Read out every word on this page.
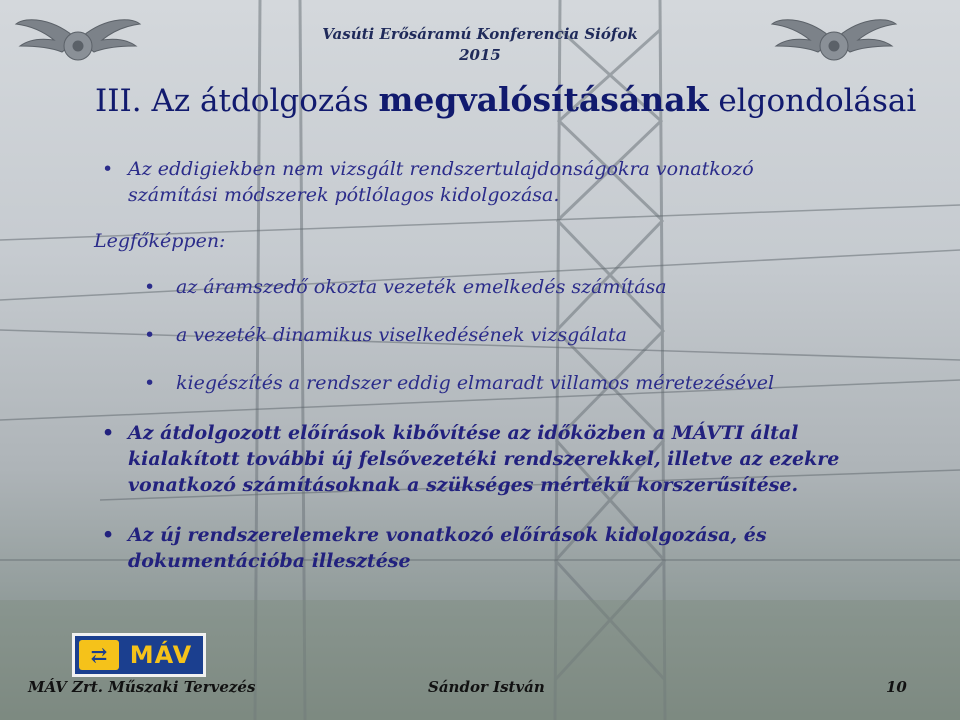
Vasúti Erősáramú Konferencia Siófok
2015
III. Az átdolgozás megvalósításának elgondolásai
• Az eddigiekben nem vizsgált rendszertulajdonságokra vonatkozó
számítási módszerek pótlólagos kidolgozása.
Legfőképpen:
• az áramszedő okozta vezeték emelkedés számítása
• a vezeték dinamikus viselkedésének vizsgálata
• kiegészítés a rendszer eddig elmaradt villamos méretezésével
• Az átdolgozott előírások kibővítése az időközben a MÁVTI által
kialakított további új felsővezetéki rendszerekkel, illetve az ezekre
vonatkozó számításoknak a szükséges mértékű korszerűsítése.
• Az új rendszerelemekre vonatkozó előírások kidolgozása, és
dokumentációba illesztése
⇄ MÁV
MÁV Zrt. Műszaki Tervezés	Sándor István	10
